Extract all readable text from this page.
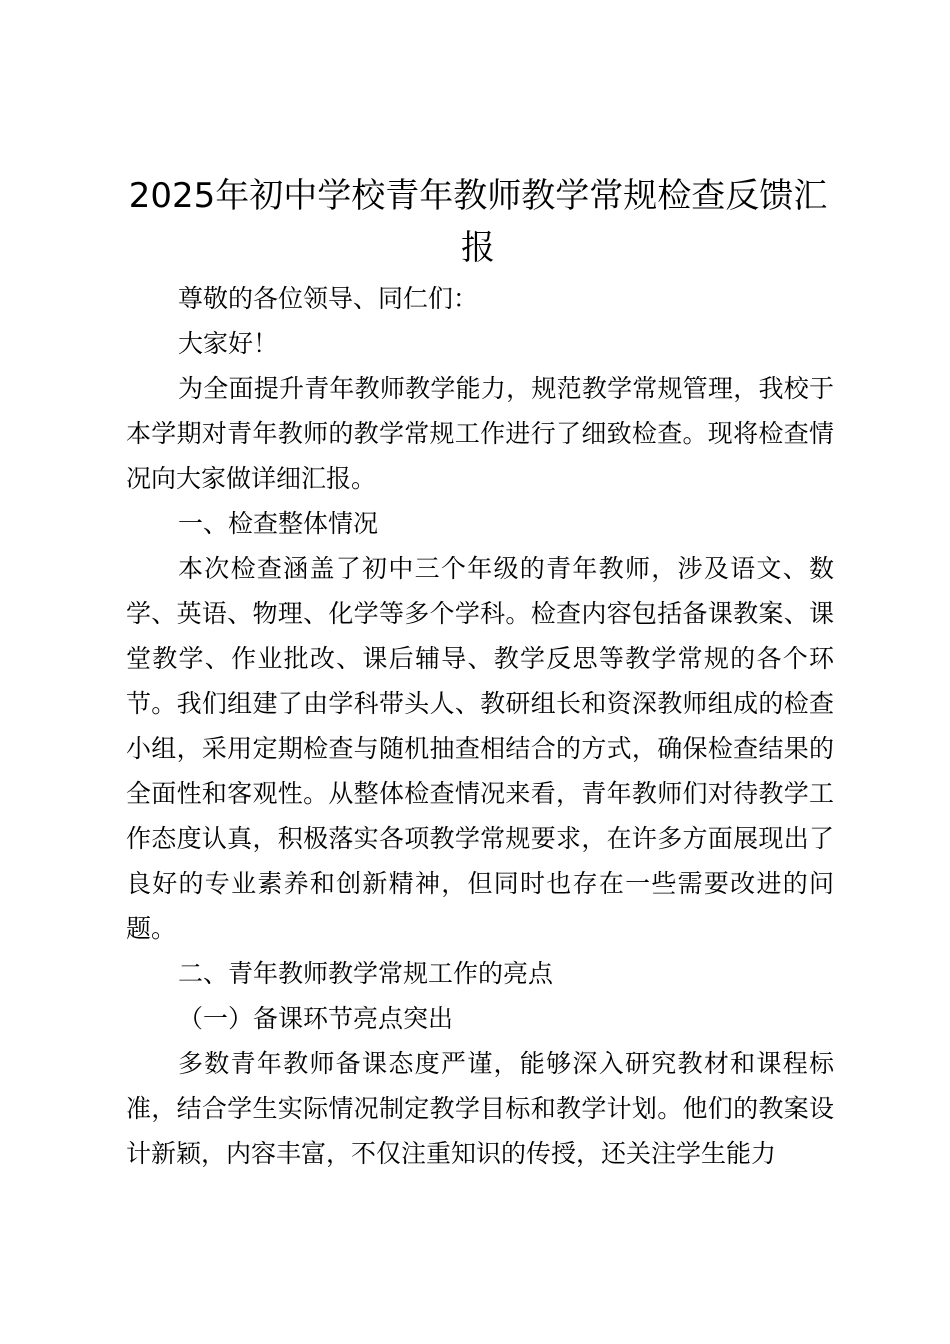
2025年初中学校青年教师教学常规检查反馈汇报

尊敬的各位领导、同仁们：

大家好！

为全面提升青年教师教学能力，规范教学常规管理，我校于本学期对青年教师的教学常规工作进行了细致检查。现将检查情况向大家做详细汇报。

一、检查整体情况

本次检查涵盖了初中三个年级的青年教师，涉及语文、数学、英语、物理、化学等多个学科。检查内容包括备课教案、课堂教学、作业批改、课后辅导、教学反思等教学常规的各个环节。我们组建了由学科带头人、教研组长和资深教师组成的检查小组，采用定期检查与随机抽查相结合的方式，确保检查结果的全面性和客观性。从整体检查情况来看，青年教师们对待教学工作态度认真，积极落实各项教学常规要求，在许多方面展现出了良好的专业素养和创新精神，但同时也存在一些需要改进的问题。

二、青年教师教学常规工作的亮点

（一）备课环节亮点突出

多数青年教师备课态度严谨，能够深入研究教材和课程标准，结合学生实际情况制定教学目标和教学计划。他们的教案设计新颖，内容丰富，不仅注重知识的传授，还关注学生能力
